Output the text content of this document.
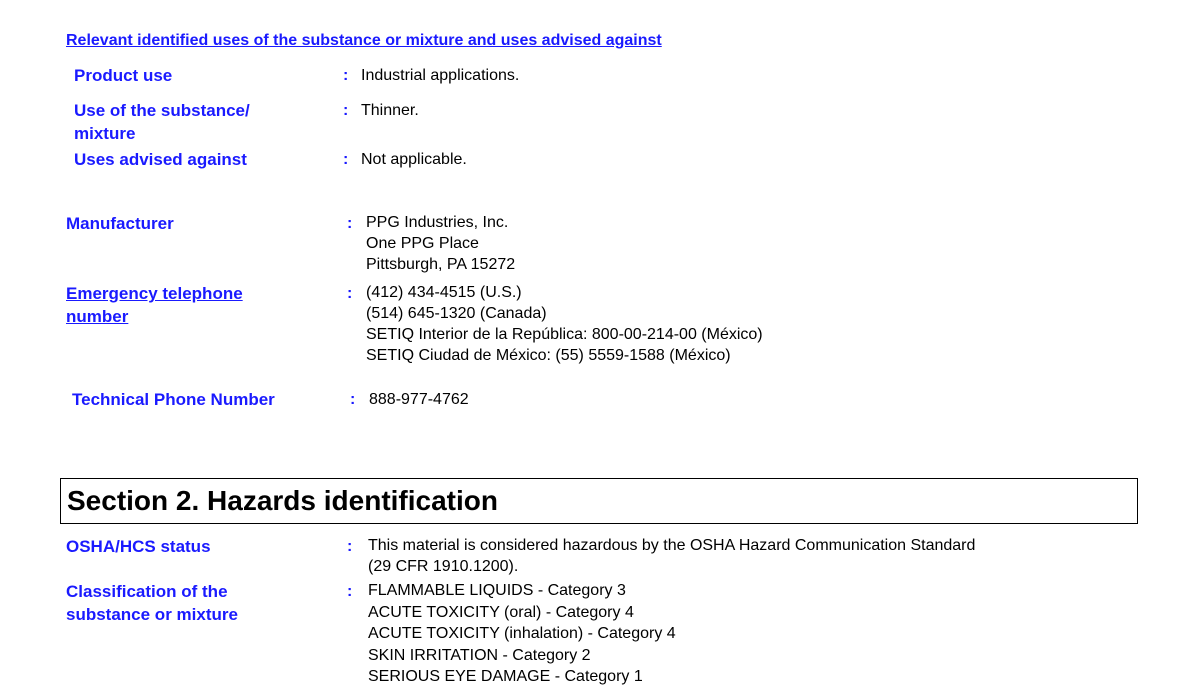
Relevant identified uses of the substance or mixture and uses advised against
Product use	: Industrial applications.
Use of the substance/
mixture
: Thinner.
Uses advised against	: Not applicable.
Manufacturer	: PPG Industries, Inc.
One PPG Place
Pittsburgh, PA 15272
Emergency telephone
number
: (412) 434-4515 (U.S.)
(514) 645-1320 (Canada)
SETIQ Interior de la República: 800-00-214-00 (México)
SETIQ Ciudad de México: (55) 5559-1588 (México)
Technical Phone Number	: 888-977-4762
Section 2. Hazards identification
OSHA/HCS status	: This material is considered hazardous by the OSHA Hazard Communication Standard
(29 CFR 1910.1200).
Classification of the
substance or mixture
: FLAMMABLE LIQUIDS - Category 3
ACUTE TOXICITY (oral) - Category 4
ACUTE TOXICITY (inhalation) - Category 4
SKIN IRRITATION - Category 2
SERIOUS EYE DAMAGE - Category 1
